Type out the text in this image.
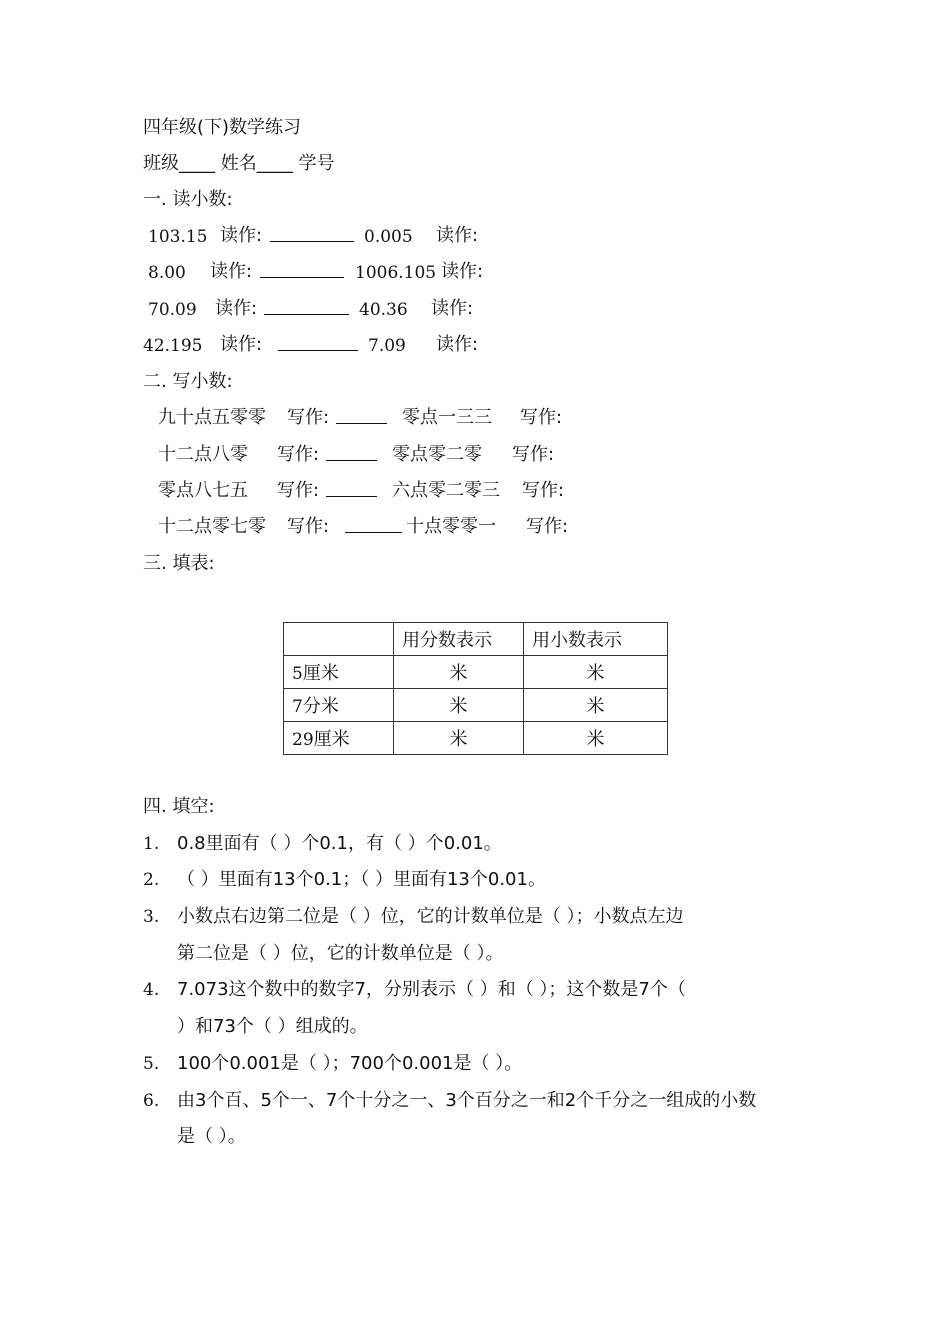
四年级(下)数学练习
班级____ 姓名____ 学号
一. 读小数:
103.15 读作:	0.005 读作:
8.00 读作:	1006.105 读作:
70.09 读作:	40.36 读作:
42.195 读作:	7.09 读作:
二. 写小数:
九十点五零零 写作:	零点一三三 写作:
十二点八零 写作:	零点零二零 写作:
零点八七五 写作:	六点零二零三 写作:
十二点零七零 写作:	十点零零一 写作:
三. 填表:
	用分数表示	用小数表示
5厘米	米	米
7分米	米	米
29厘米	米	米
四. 填空:
1. 0.8里面有（ ）个0.1，有（ ）个0.01。
2. （ ）里面有13个0.1；（ ）里面有13个0.01。
3. 小数点右边第二位是（ ）位，它的计数单位是（ ）；小数点左边
第二位是（ ）位，它的计数单位是（ ）。
4. 7.073这个数中的数字7，分别表示（ ）和（ ）；这个数是7个（
）和73个（ ）组成的。
5. 100个0.001是（ ）；700个0.001是（ ）。
6. 由3个百、5个一、7个十分之一、3个百分之一和2个千分之一组成的小数
是（ ）。
